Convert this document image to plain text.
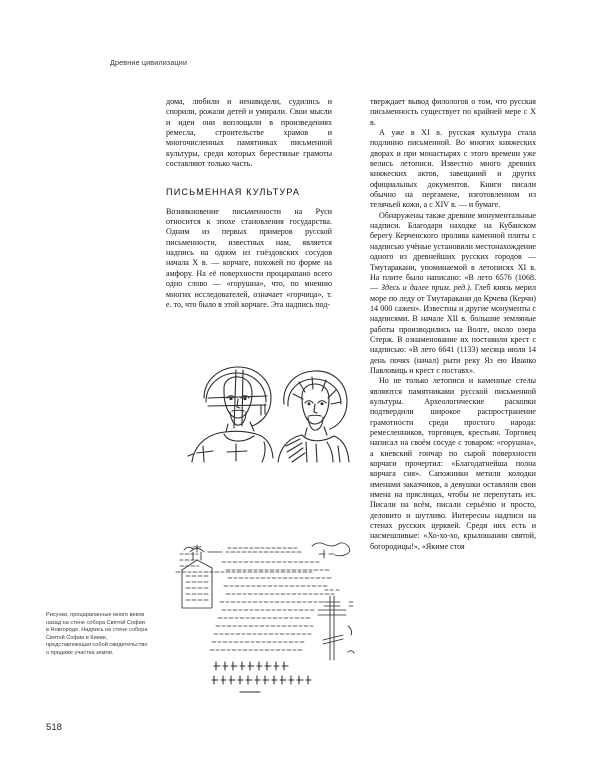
Древние цивилизации

дома, любили и ненавидели, судились и спорили, рожали детей и умирали. Свои мысли и идеи они воплощали в произведениях ремесла, строительстве храмов и многочисленных памятниках письменной культуры, среди которых берестяные грамоты составляют только часть.

ПИСЬМЕННАЯ КУЛЬТУРА

Возникновение письменности на Руси относится к эпохе становления государства. Одним из первых примеров русской письменности, известных нам, является надпись на одном из гнёздовских сосудов начала X в. — корчаге, похожей по форме на амфору. На её поверхности процарапано всего одно слово — «горушна», что, по мнению многих исследователей, означает «горчица», т. е. то, что было в этой корчаге. Эта надпись под-

тверждает вывод филологов о том, что русская письменность существует по крайней мере с X в.

А уже в XI в. русская культура стала подлинно письменной. Во многих княжеских дворах и при монастырях с этого времени уже велись летописи. Известно много древних княжеских актов, завещаний и других официальных документов. Книги писали обычно на пергамене, изготовленном из телячьей кожи, а с XIV в. — и бумаге.

Обнаружены также древние монументальные надписи. Благодаря находке на Кубанском берегу Керченского пролива каменной плиты с надписью учёные установили местонахождение одного из древнейших русских городов — Тмутаракани, упоминаемой в летописях XI в. На плите было написано: «В лето 6576 (1068. — Здесь и далее прим. ред.). Глеб князь мерил море по леду от Тмутаракани до Крчева (Керчи) 14 000 сажен». Известны и другие монументы с надписями. В начале XII в. большие земляные работы производились на Волге, около озера Стерж. В ознаменование их поставили крест с надписью: «В лето 6641 (1133) месяца июля 14 день почях (начал) рыти реку Яз ею Иванко Павловиць и крест с поставх».

Но не только летописи и каменные стелы являются памятниками русской письменной культуры. Археологические раскопки подтвердили широкое распространение грамотности среди простого народа: ремесленников, торговцев, крестьян. Торговец написал на своём сосуде с товаром: «горушна», а киевский гончар по сырой поверхности корчаги прочертил: «Благодатнейша полна корчага сия». Сапожники метили колодки именами заказчиков, а девушки оставляли свои имена на пряслицах, чтобы не перепутать их. Писали на всём, писали серьёзно и просто, деловито и шутливо. Интересны надписи на стенах русских церквей. Среди них есть и насмешливые: «Хо-хо-хо, крылошанин святой, богородицы!», «Якиме стоя

Рисунки, процарапанные много веков назад на стене собора Святой Софии в Новгороде. Надпись на стене собора Святой Софии в Киеве, представляющая собой свидетельство о продаже участка земли.
518
